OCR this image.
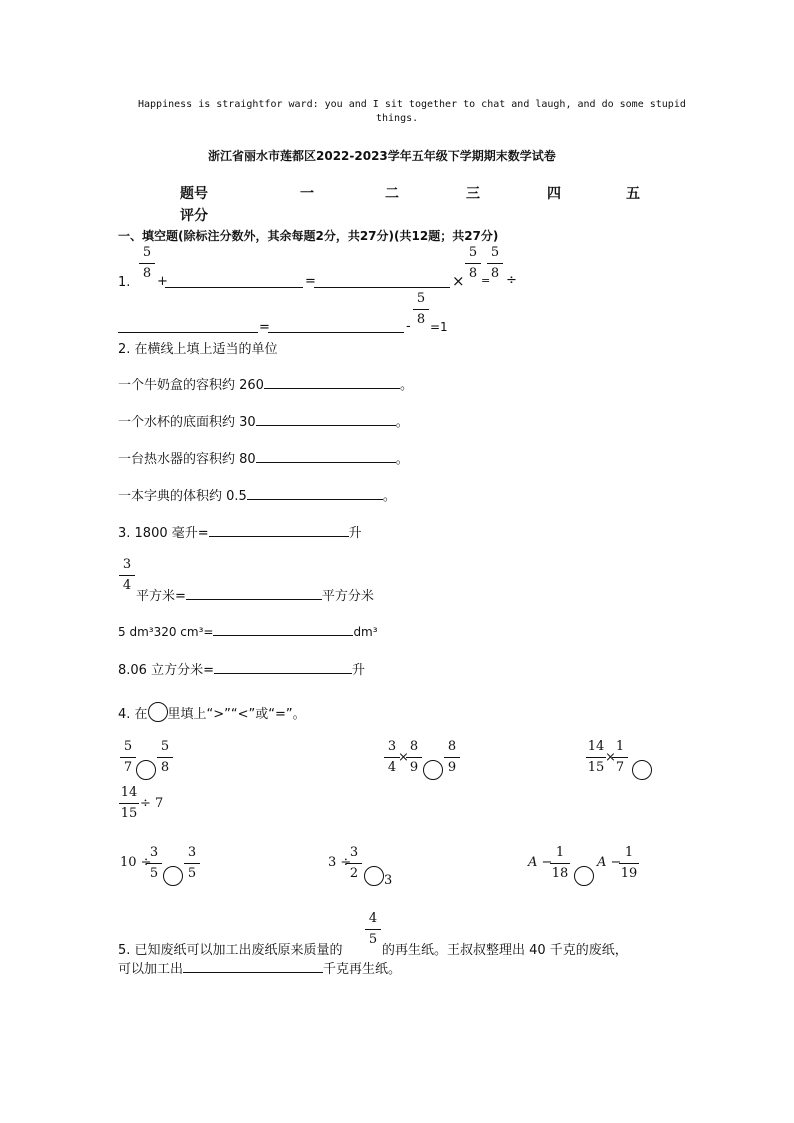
Happiness is straightfor ward: you and I sit together to chat and laugh, and do some stupid
things.
浙江省丽水市莲都区2022-2023学年五年级下学期期末数学试卷
题号	一	二	三	四	五
评分
一、填空题(除标注分数外，其余每题2分，共27分)(共12题；共27分)
1.
5
8
+	=	×
5
8 =
5
8 ÷
=	-
5
8 =1
2. 在横线上填上适当的单位
一个牛奶盒的容积约 260	。
一个水杯的底面积约 30	。
一台热水器的容积约 80	。
一本字典的体积约 0.5	。
3. 1800 毫升=	升
3
4
平方米=	平方分米
5 dm³320 cm³=	dm³
8.06 立方分米=	升
4. 在 里填上“>”“<”或“=”。
5
7
5
8
3
4
×
8
9
8
9
14
15
×
1
7
14
15
÷ 7
10 ÷
3
5
3
5
3 ÷
3
2	3
A −
1
18
A −
1
19
4
5
5. 已知废纸可以加工出废纸原来质量的	的再生纸。王叔叔整理出 40 千克的废纸，
可以加工出	千克再生纸。
